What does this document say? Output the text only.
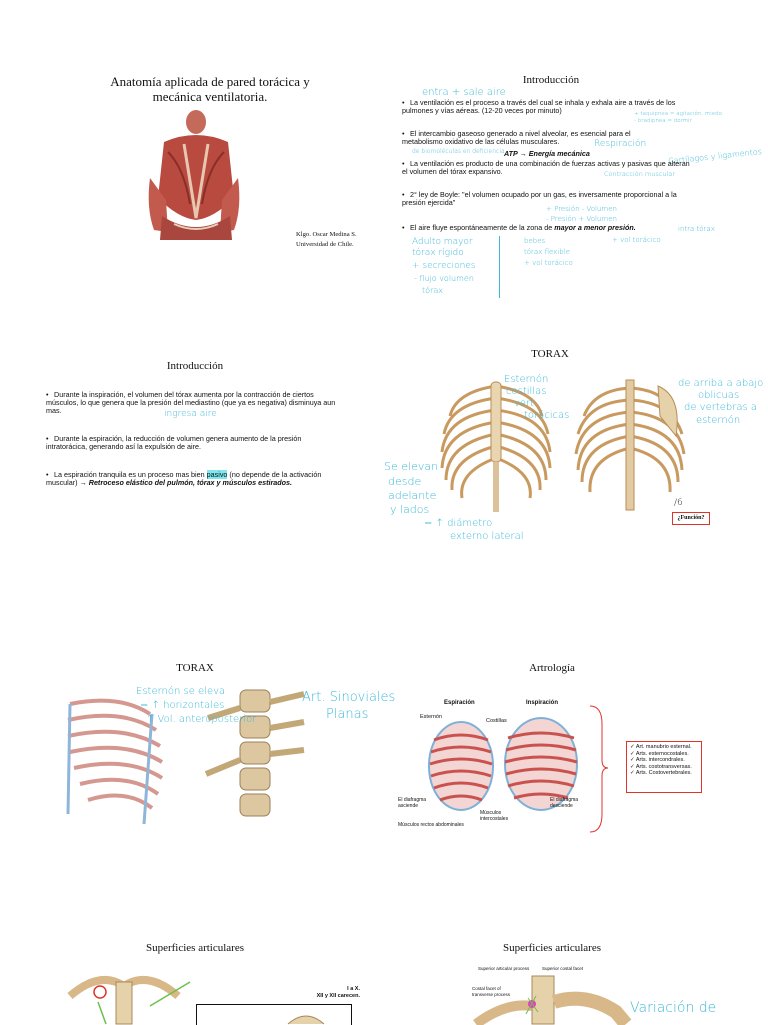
Anatomía aplicada de pared torácica y
mecánica ventilatoria.
Klgo. Oscar Medina S.
Universidad de Chile.
Introducción
entra + sale aire
• La ventilación es el proceso a través del cual se inhala y exhala aire a través de los pulmones y vías aéreas. (12-20 veces por minuto)	+ taquipnea = agitación, miedo
- bradipnea = dormir
• El intercambio gaseoso generado a nivel alveolar, es esencial para el metabolismo oxidativo de las células musculares.	Respiración
de biomoléculas en deficiencia ATP → Energía mecánica	Cartílagos y ligamentos
• La ventilación es producto de una combinación de fuerzas activas y pasivas que alteran el volumen del tórax expansivo.	Contracción muscular
• 2° ley de Boyle: "el volumen ocupado por un gas, es inversamente proporcional a la presión ejercida"
+ Presión - Volumen
- Presión + Volumen
• El aire fluye espontáneamente de la zona de mayor a menor presión.	intra tórax
+ vol torácico
Adulto mayor
tórax rígido
+ secreciones
- flujo volumen
tórax
bebes
tórax flexible
+ vol torácico
Introducción
• Durante la inspiración, el volumen del tórax aumenta por la contracción de ciertos músculos, lo que genera que la presión del mediastino (que ya es negativa) disminuya aun mas.	ingresa aire
• Durante la espiración, la reducción de volumen genera aumento de la presión intratorácica, generando así la expulsión de aire.
• La espiración tranquila es un proceso mas bien pasivo (no depende de la activación muscular) → Retroceso elástico del pulmón, tórax y músculos estirados.
TORAX
Esternón
costillas
vert.
torácicas
Se elevan
desde
adelante
y lados
= ↑ diámetro
externo lateral
de arriba a abajo
oblicuas
de vertebras a
esternón
/6
¿Función?
TORAX
Esternón se eleva
= ↑ horizontales
↑ Vol. anteroposterior
Art. Sinoviales
Planas
Artrología
Espiración	Inspiración
Esternón
Costillas
El diafragma asciende
Músculos intercostales
El diafragma desciende
Músculos rectos abdominales
✓ Art. manubrio esternal.
✓ Arts. esternocostales.
✓ Arts. intercondrales.
✓ Arts. costotransversas.
✓ Arts. Costovertebrales.
Superficies articulares
I a X.
XII y XII carecen.
Superficies articulares
Superior articular process	Superior costal facet
Costal facet of transverse process
Variación de
